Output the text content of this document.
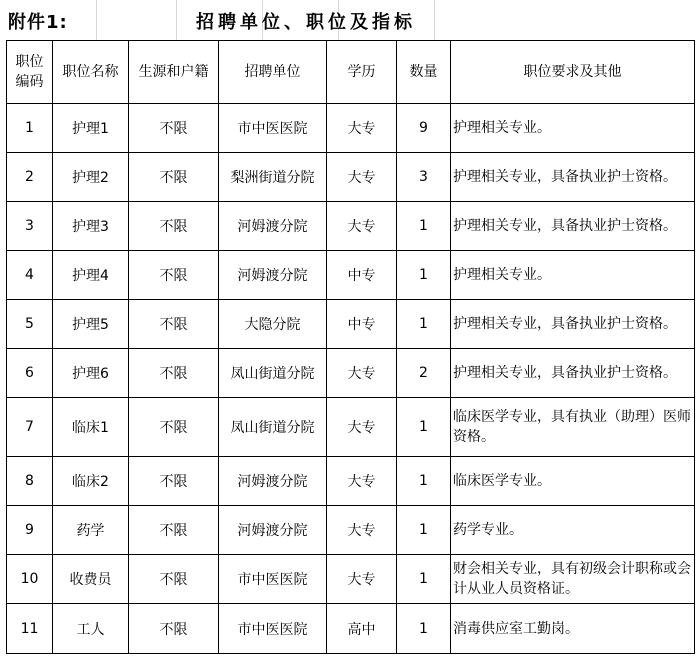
附件1:	招聘单位、职位及指标
职位编码	职位名称	生源和户籍	招聘单位	学历	数量	职位要求及其他
1	护理1	不限	市中医医院	大专	9	护理相关专业。
2	护理2	不限	梨洲街道分院	大专	3	护理相关专业，具备执业护士资格。
3	护理3	不限	河姆渡分院	大专	1	护理相关专业，具备执业护士资格。
4	护理4	不限	河姆渡分院	中专	1	护理相关专业。
5	护理5	不限	大隐分院	中专	1	护理相关专业，具备执业护士资格。
6	护理6	不限	凤山街道分院	大专	2	护理相关专业，具备执业护士资格。
7	临床1	不限	凤山街道分院	大专	1	临床医学专业，具有执业（助理）医师资格。
8	临床2	不限	河姆渡分院	大专	1	临床医学专业。
9	药学	不限	河姆渡分院	大专	1	药学专业。
10	收费员	不限	市中医医院	大专	1	财会相关专业，具有初级会计职称或会计从业人员资格证。
11	工人	不限	市中医医院	高中	1	消毒供应室工勤岗。
